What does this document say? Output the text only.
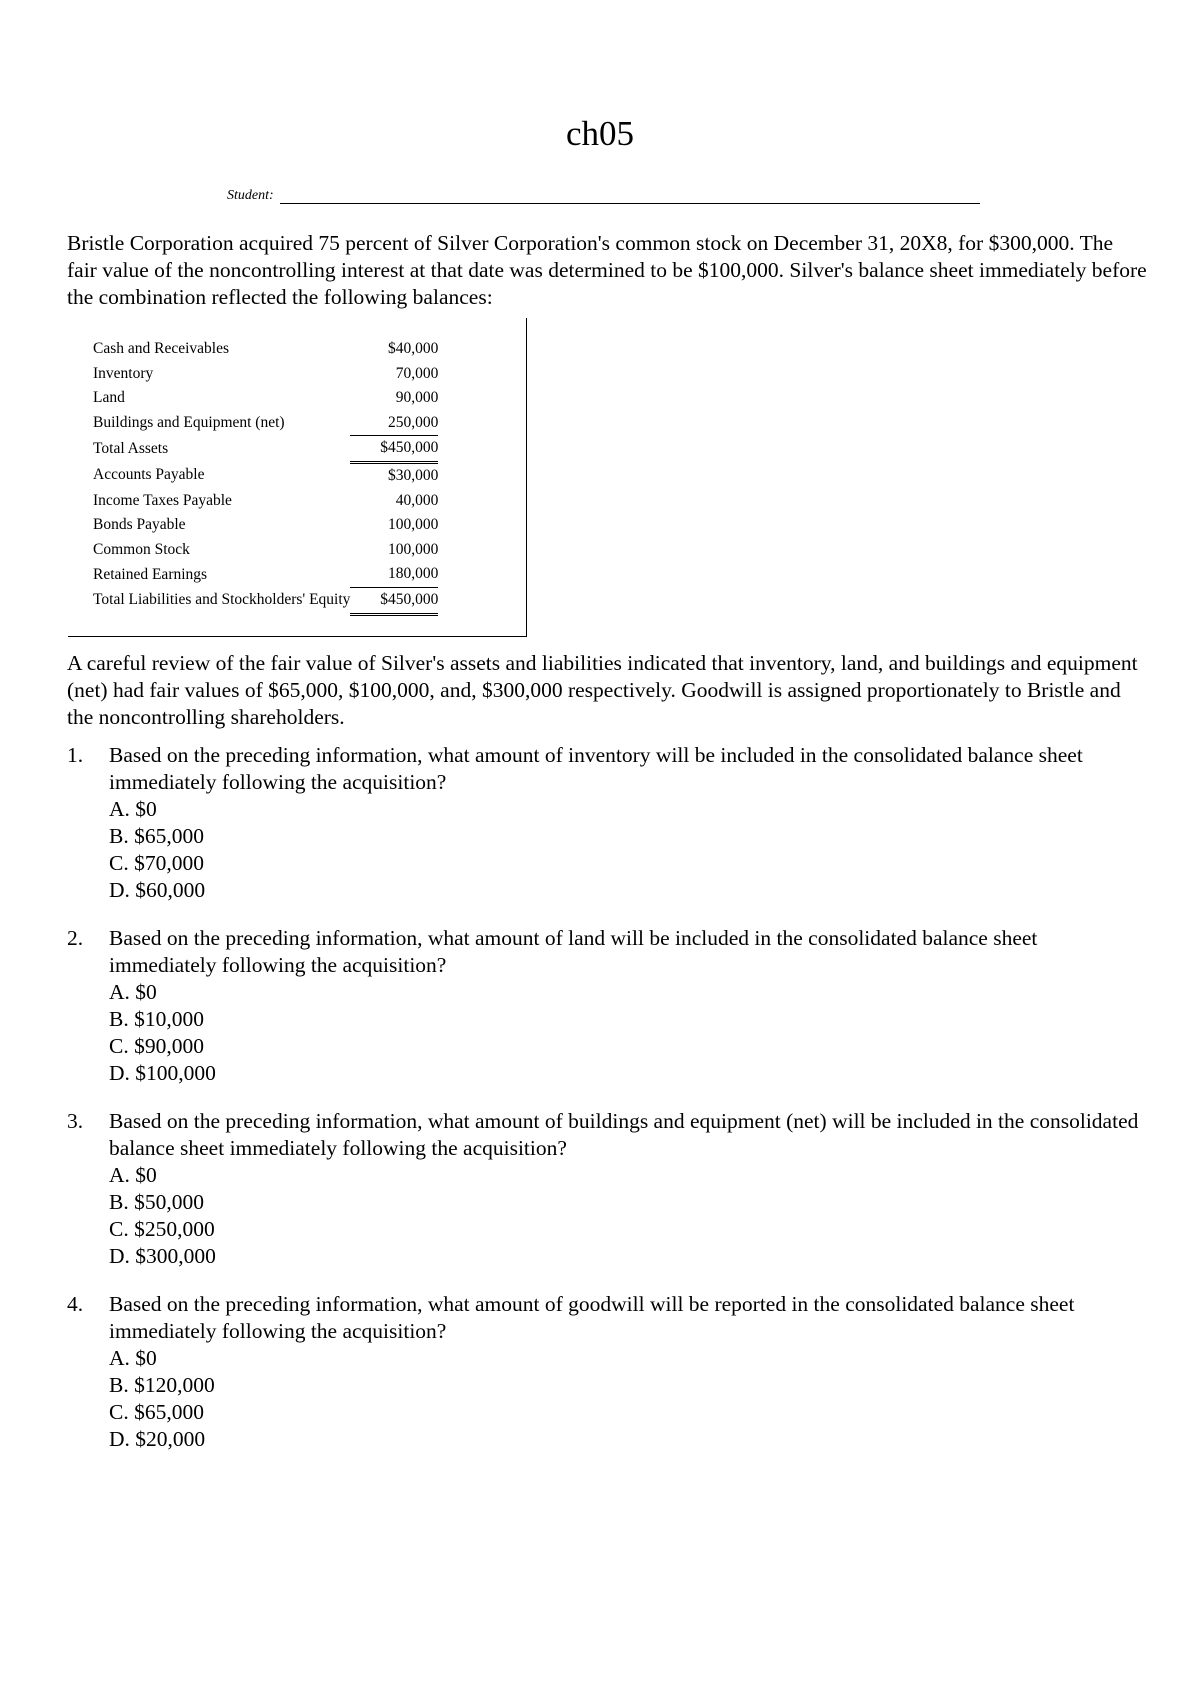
ch05
Student:

Bristle Corporation acquired 75 percent of Silver Corporation's common stock on December 31, 20X8, for $300,000. The fair value of the noncontrolling interest at that date was determined to be $100,000. Silver's balance sheet immediately before the combination reflected the following balances:

Cash and Receivables	$40,000
Inventory	70,000
Land	90,000
Buildings and Equipment (net)	250,000
Total Assets	$450,000
Accounts Payable	$30,000
Income Taxes Payable	40,000
Bonds Payable	100,000
Common Stock	100,000
Retained Earnings	180,000
Total Liabilities and Stockholders' Equity	$450,000

A careful review of the fair value of Silver's assets and liabilities indicated that inventory, land, and buildings and equipment (net) had fair values of $65,000, $100,000, and, $300,000 respectively. Goodwill is assigned proportionately to Bristle and the noncontrolling shareholders.

1.	Based on the preceding information, what amount of inventory will be included in the consolidated balance sheet immediately following the acquisition?

A. $0
B. $65,000
C. $70,000
D. $60,000
2.	Based on the preceding information, what amount of land will be included in the consolidated balance sheet immediately following the acquisition?

A. $0
B. $10,000
C. $90,000
D. $100,000
3.	Based on the preceding information, what amount of buildings and equipment (net) will be included in the consolidated balance sheet immediately following the acquisition?

A. $0
B. $50,000
C. $250,000
D. $300,000
4.	Based on the preceding information, what amount of goodwill will be reported in the consolidated balance sheet immediately following the acquisition?

A. $0
B. $120,000
C. $65,000
D. $20,000
